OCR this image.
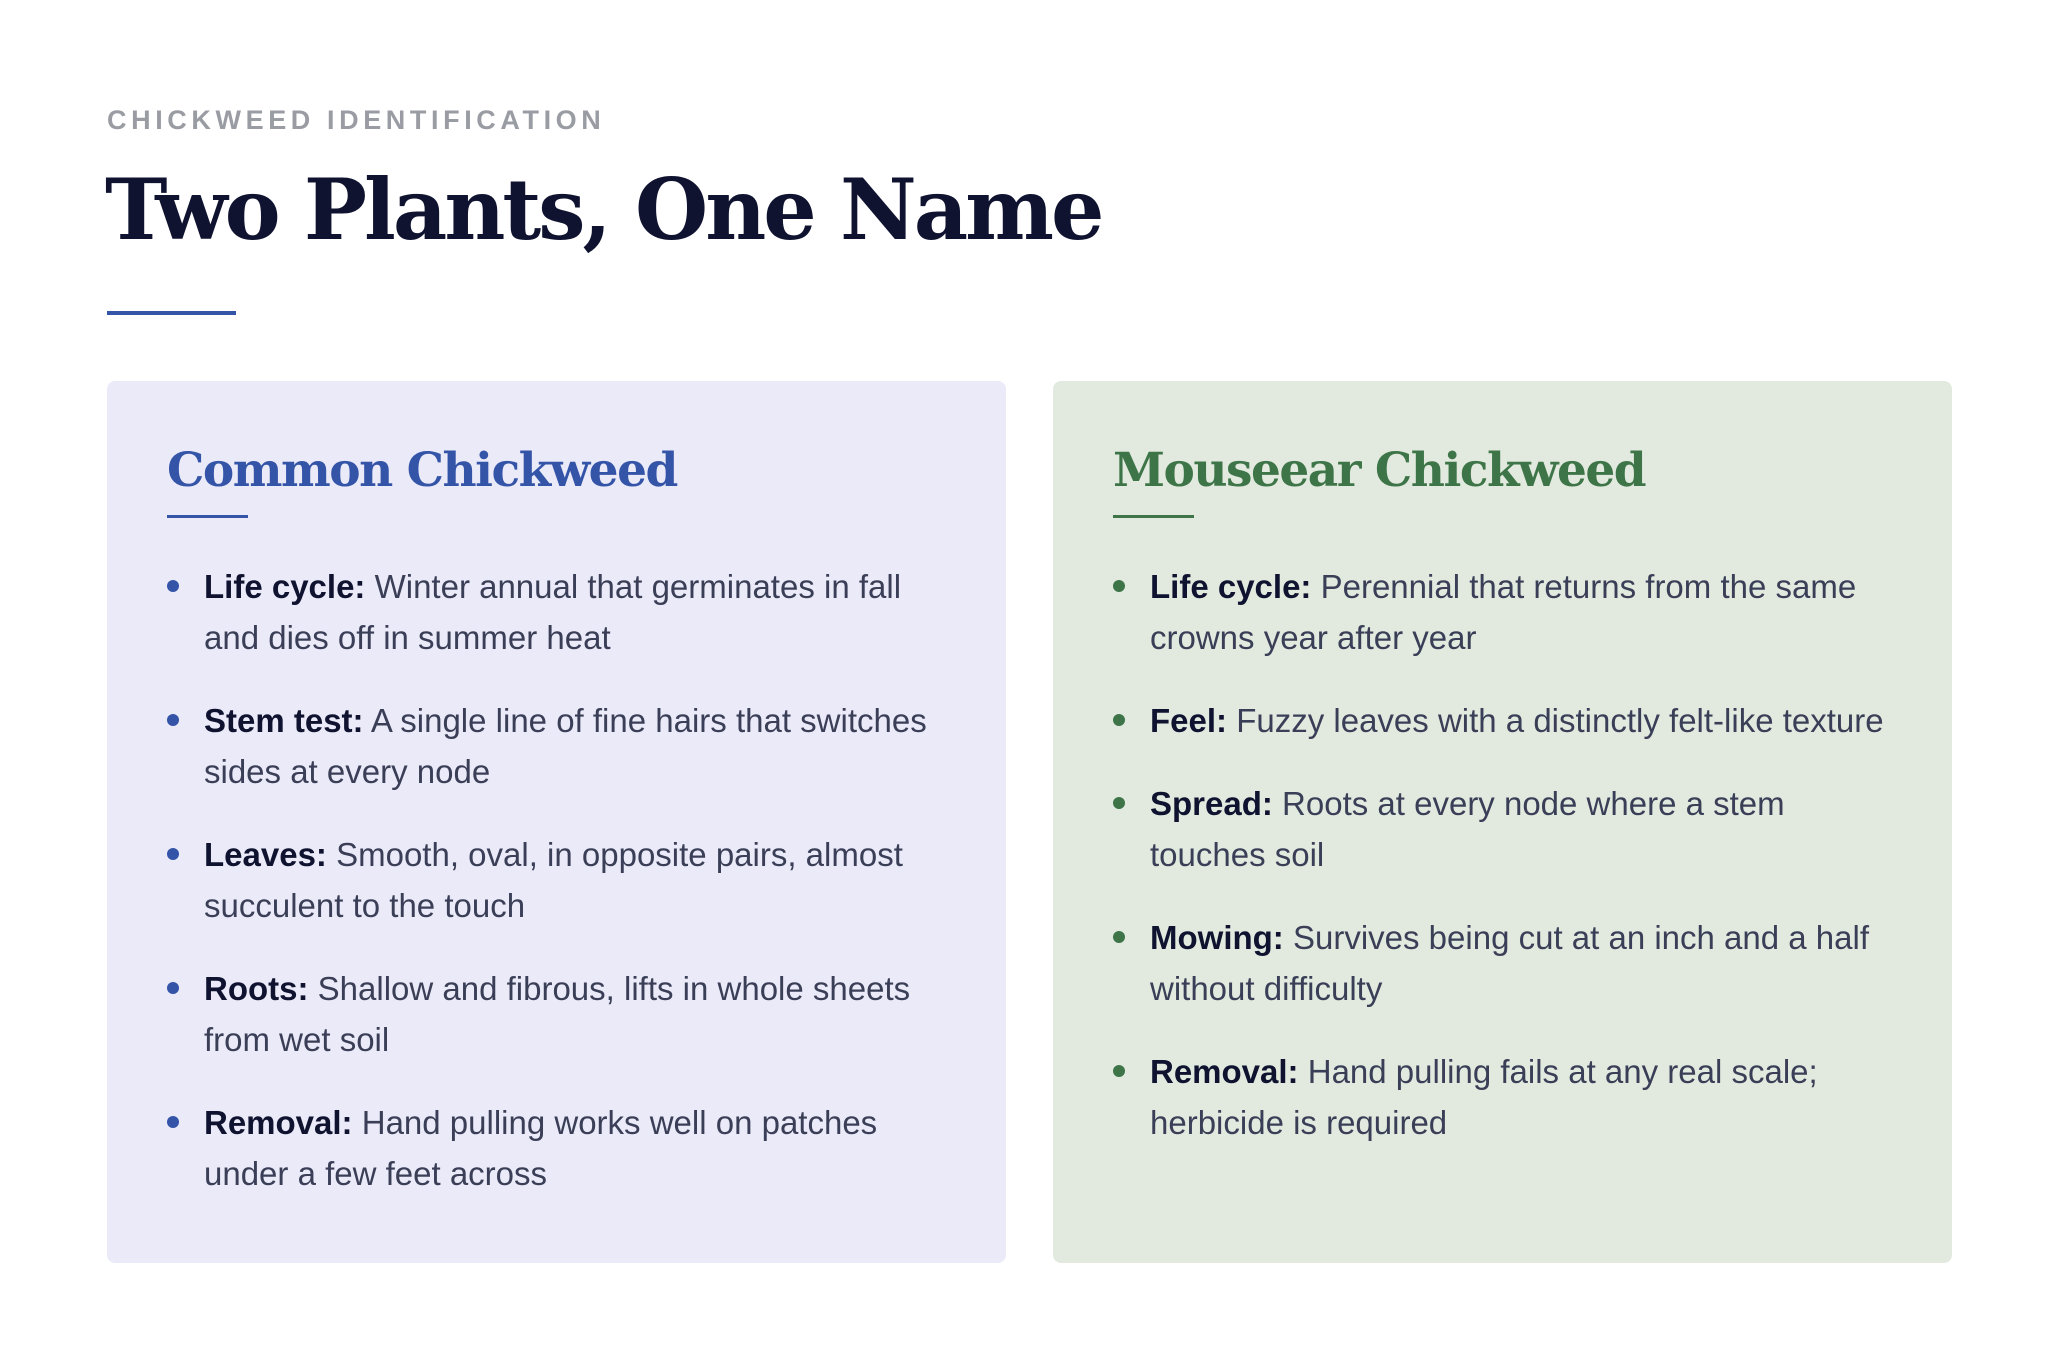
CHICKWEED IDENTIFICATION
Two Plants, One Name
Common Chickweed
Life cycle: Winter annual that germinates in fall and dies off in summer heat
Stem test: A single line of fine hairs that switches sides at every node
Leaves: Smooth, oval, in opposite pairs, almost succulent to the touch
Roots: Shallow and fibrous, lifts in whole sheets from wet soil
Removal: Hand pulling works well on patches under a few feet across
Mouseear Chickweed
Life cycle: Perennial that returns from the same crowns year after year
Feel: Fuzzy leaves with a distinctly felt-like texture
Spread: Roots at every node where a stem touches soil
Mowing: Survives being cut at an inch and a half without difficulty
Removal: Hand pulling fails at any real scale; herbicide is required
